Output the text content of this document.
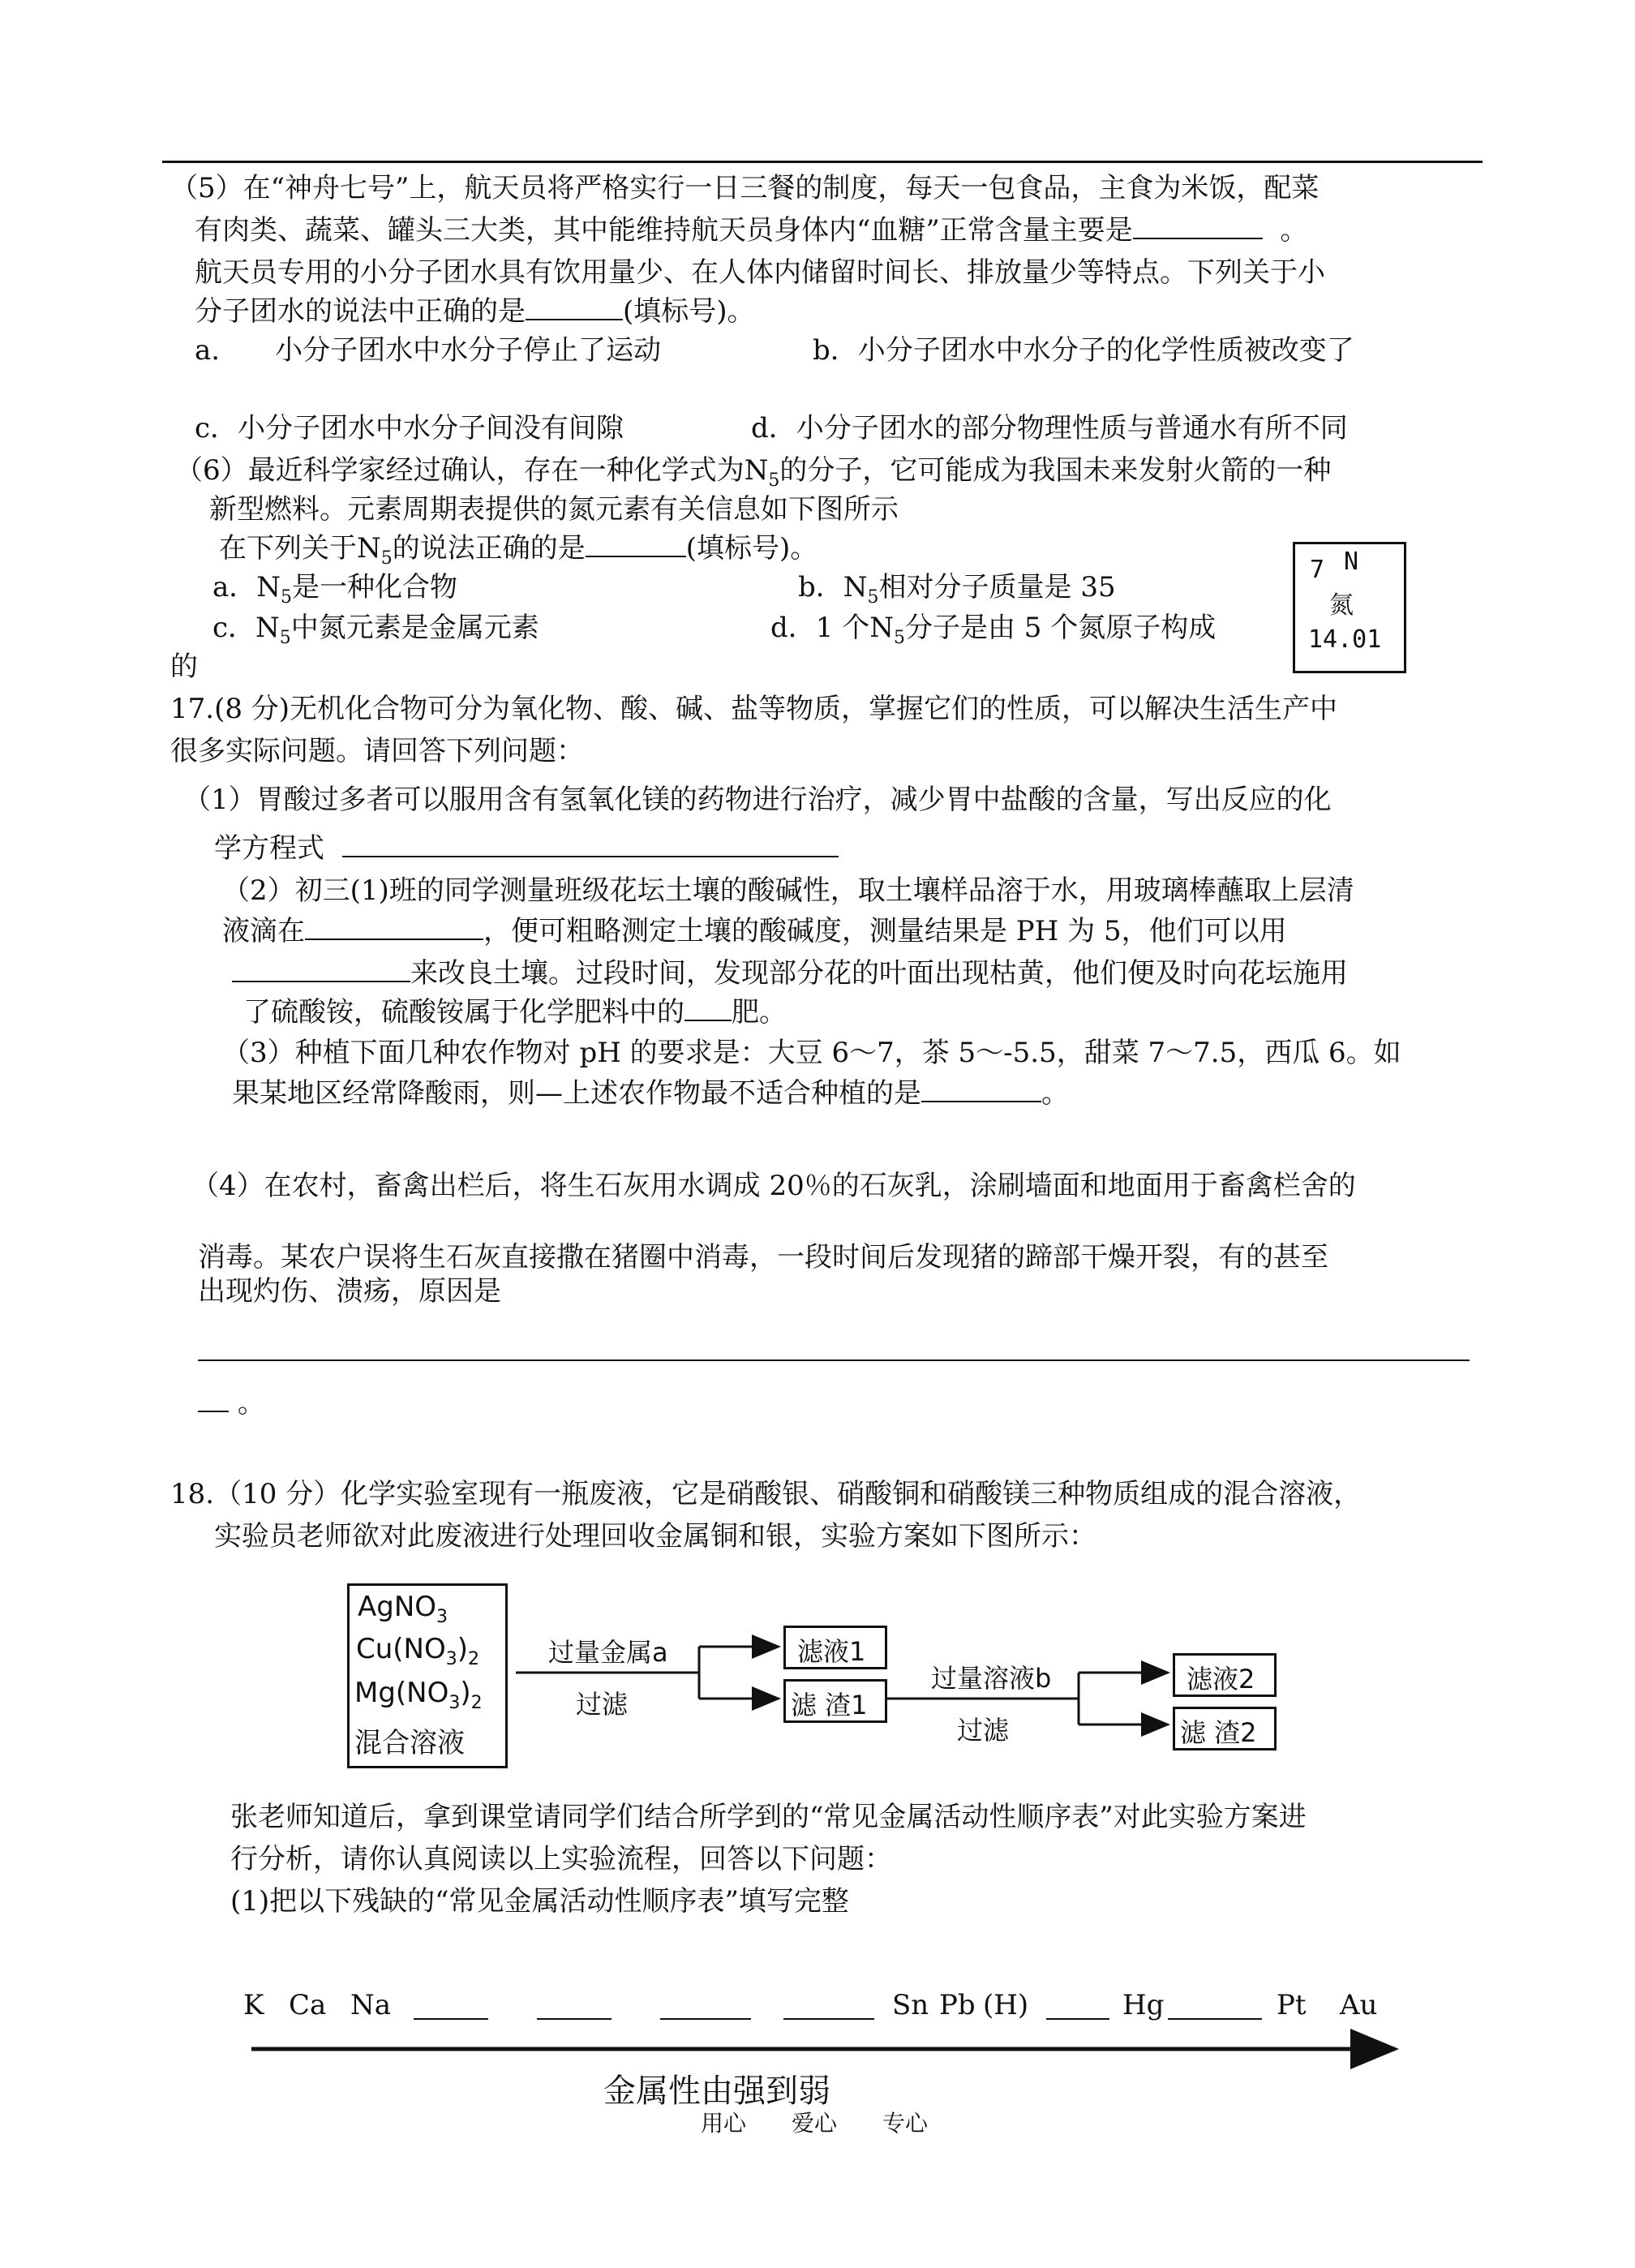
（5）在“神舟七号”上，航天员将严格实行一日三餐的制度，每天一包食品，主食为米饭，配菜
有肉类、蔬菜、罐头三大类，其中能维持航天员身体内“血糖”正常含量主要是	。
航天员专用的小分子团水具有饮用量少、在人体内储留时间长、排放量少等特点。下列关于小
分子团水的说法中正确的是	(填标号)。
a.　　小分子团水中水分子停止了运动	b．小分子团水中水分子的化学性质被改变了
c．小分子团水中水分子间没有间隙	d．小分子团水的部分物理性质与普通水有所不同
（6）最近科学家经过确认，存在一种化学式为$N_5$的分子，它可能成为我国未来发射火箭的一种
新型燃料。元素周期表提供的氮元素有关信息如下图所示
在下列关于$N_5$的说法正确的是	(填标号)。
a．$N_5$是一种化合物	b．$N_5$相对分子质量是 35
c．$N_5$中氮元素是金属元素	d．1 个$N_5$分子是由 5 个氮原子构成
的
7 N
氮
14.01
17.(8 分)无机化合物可分为氧化物、酸、碱、盐等物质，掌握它们的性质，可以解决生活生产中
很多实际问题。请回答下列问题：
（1）胃酸过多者可以服用含有氢氧化镁的药物进行治疗，减少胃中盐酸的含量，写出反应的化
学方程式
（2）初三(1)班的同学测量班级花坛土壤的酸碱性，取土壤样品溶于水，用玻璃棒蘸取上层清
液滴在	，便可粗略测定土壤的酸碱度，测量结果是 PH 为 5，他们可以用
来改良土壤。过段时间，发现部分花的叶面出现枯黄，他们便及时向花坛施用
了硫酸铵，硫酸铵属于化学肥料中的 肥。
（3）种植下面几种农作物对 pH 的要求是：大豆 6～7，茶 5～-5.5，甜菜 7～7.5，西瓜 6。如
果某地区经常降酸雨，则—上述农作物最不适合种植的是	。
（4）在农村，畜禽出栏后，将生石灰用水调成 20％的石灰乳，涂刷墙面和地面用于畜禽栏舍的
消毒。某农户误将生石灰直接撒在猪圈中消毒，一段时间后发现猪的蹄部干燥开裂，有的甚至
出现灼伤、溃疡，原因是
。
18.（10 分）化学实验室现有一瓶废液，它是硝酸银、硝酸铜和硝酸镁三种物质组成的混合溶液，
实验员老师欲对此废液进行处理回收金属铜和银，实验方案如下图所示：
AgNO$_3$
$Cu(NO_3)_2$
$Mg(NO_3)_2$
混合溶液
过量金属a
过滤
滤液1
滤 渣1
过量溶液b
过滤
滤液2
滤 渣2
张老师知道后，拿到课堂请同学们结合所学到的“常见金属活动性顺序表”对此实验方案进
行分析，请你认真阅读以上实验流程，回答以下问题：
(1)把以下残缺的“常见金属活动性顺序表”填写完整
K Ca Na	Sn Pb (H)	Hg	Pt Au
金属性由强到弱
用心　　爱心　　专心
